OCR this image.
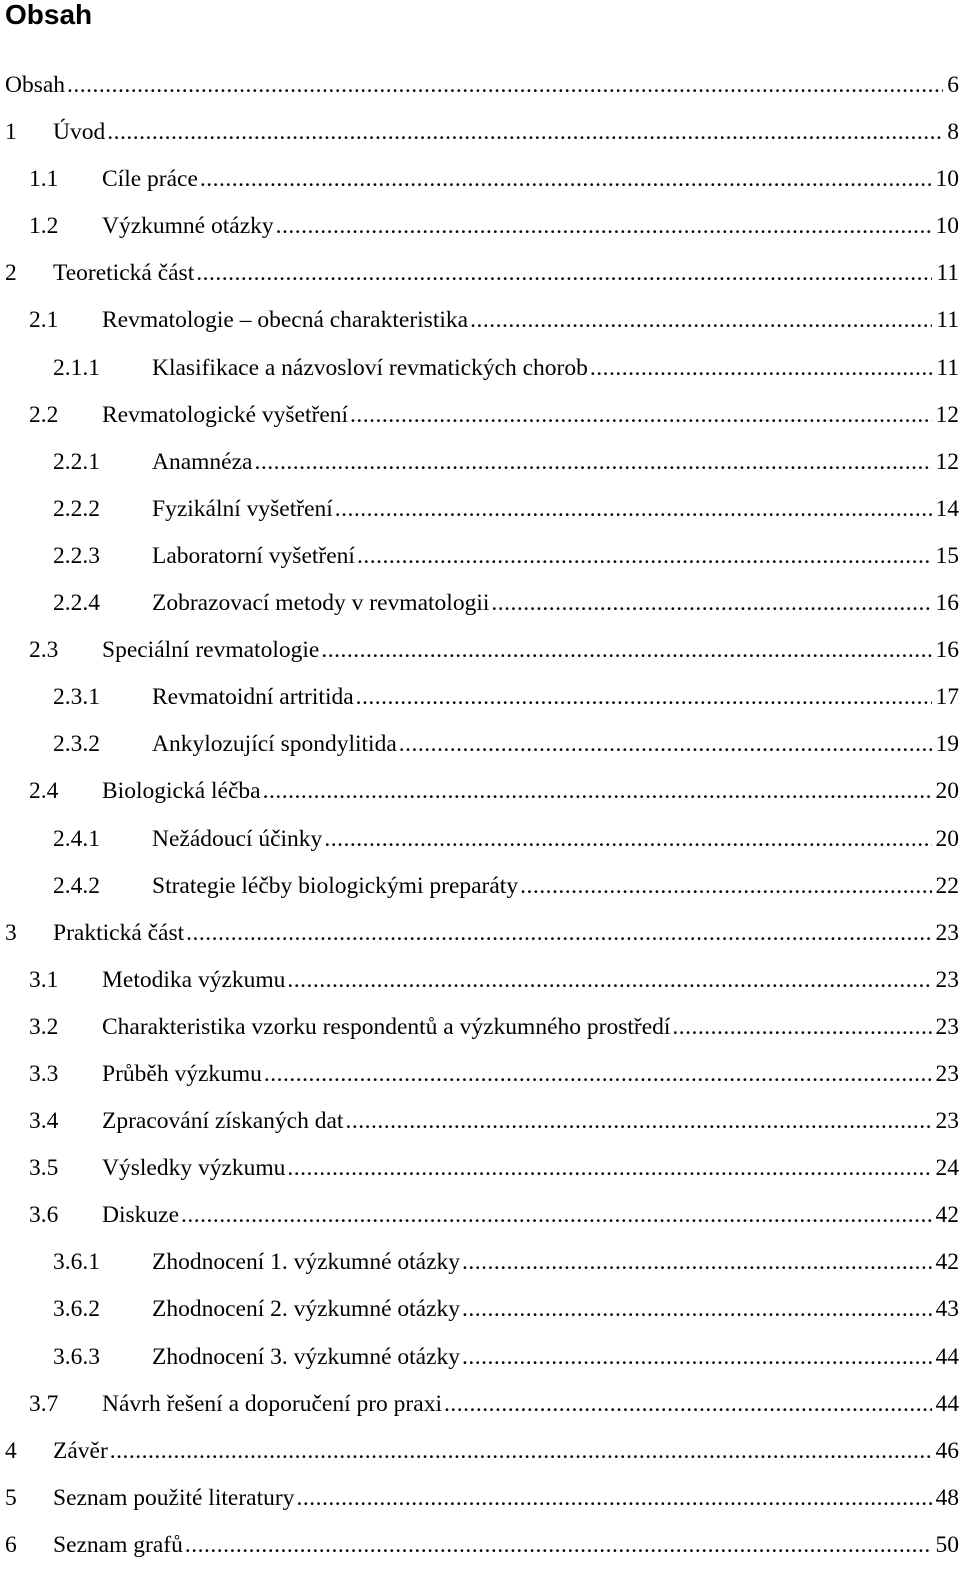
Obsah
Obsah .....	6
1 Úvod .....	8
1.1 Cíle práce .....	10
1.2 Výzkumné otázky .....	10
2 Teoretická část .....	11
2.1 Revmatologie – obecná charakteristika .....	11
2.1.1 Klasifikace a názvosloví revmatických chorob .....	11
2.2 Revmatologické vyšetření .....	12
2.2.1 Anamnéza .....	12
2.2.2 Fyzikální vyšetření .....	14
2.2.3 Laboratorní vyšetření .....	15
2.2.4 Zobrazovací metody v revmatologii .....	16
2.3 Speciální revmatologie .....	16
2.3.1 Revmatoidní artritida .....	17
2.3.2 Ankylozující spondylitida .....	19
2.4 Biologická léčba .....	20
2.4.1 Nežádoucí účinky .....	20
2.4.2 Strategie léčby biologickými preparáty .....	22
3 Praktická část .....	23
3.1 Metodika výzkumu .....	23
3.2 Charakteristika vzorku respondentů a výzkumného prostředí .....	23
3.3 Průběh výzkumu .....	23
3.4 Zpracování získaných dat .....	23
3.5 Výsledky výzkumu .....	24
3.6 Diskuze .....	42
3.6.1 Zhodnocení 1. výzkumné otázky .....	42
3.6.2 Zhodnocení 2. výzkumné otázky .....	43
3.6.3 Zhodnocení 3. výzkumné otázky .....	44
3.7 Návrh řešení a doporučení pro praxi .....	44
4 Závěr .....	46
5 Seznam použité literatury .....	48
6 Seznam grafů .....	50
